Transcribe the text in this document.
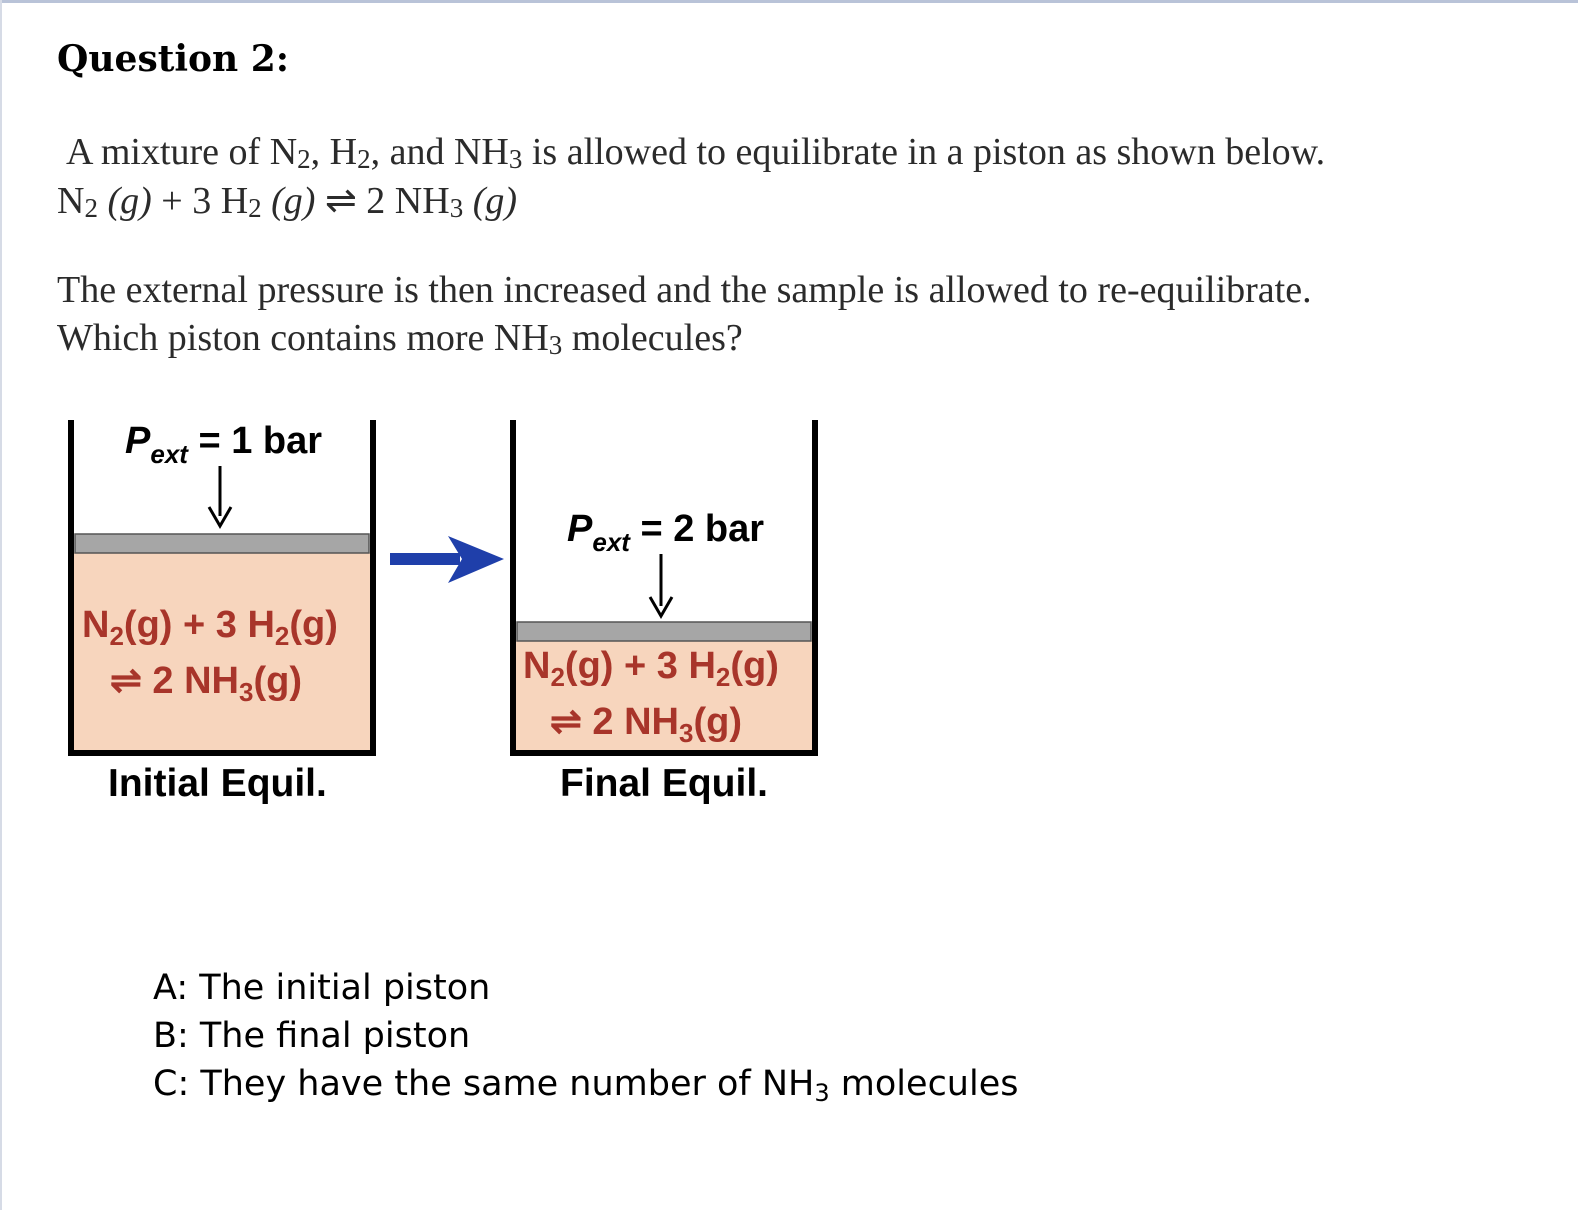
Question 2:
A mixture of $N_2$, $H_2$, and $NH_3$ is allowed to equilibrate in a piston as shown below.
$N_2$ (g) + 3 $H_2$ (g) ⇌ 2 $NH_3$ (g)
The external pressure is then increased and the sample is allowed to re-equilibrate.
Which piston contains more $NH_3$ molecules?
$P_{ext} = 1$ bar
$N_2(g) + 3$ $H_2(g)$
⇌ 2 $NH_3(g)$
Initial Equil.
$P_{ext} = 2$ bar
$N_2(g) + 3$ $H_2(g)$
⇌ 2 $NH_3(g)$
Final Equil.
A: The initial piston
B: The final piston
C: They have the same number of $NH_3$ molecules
